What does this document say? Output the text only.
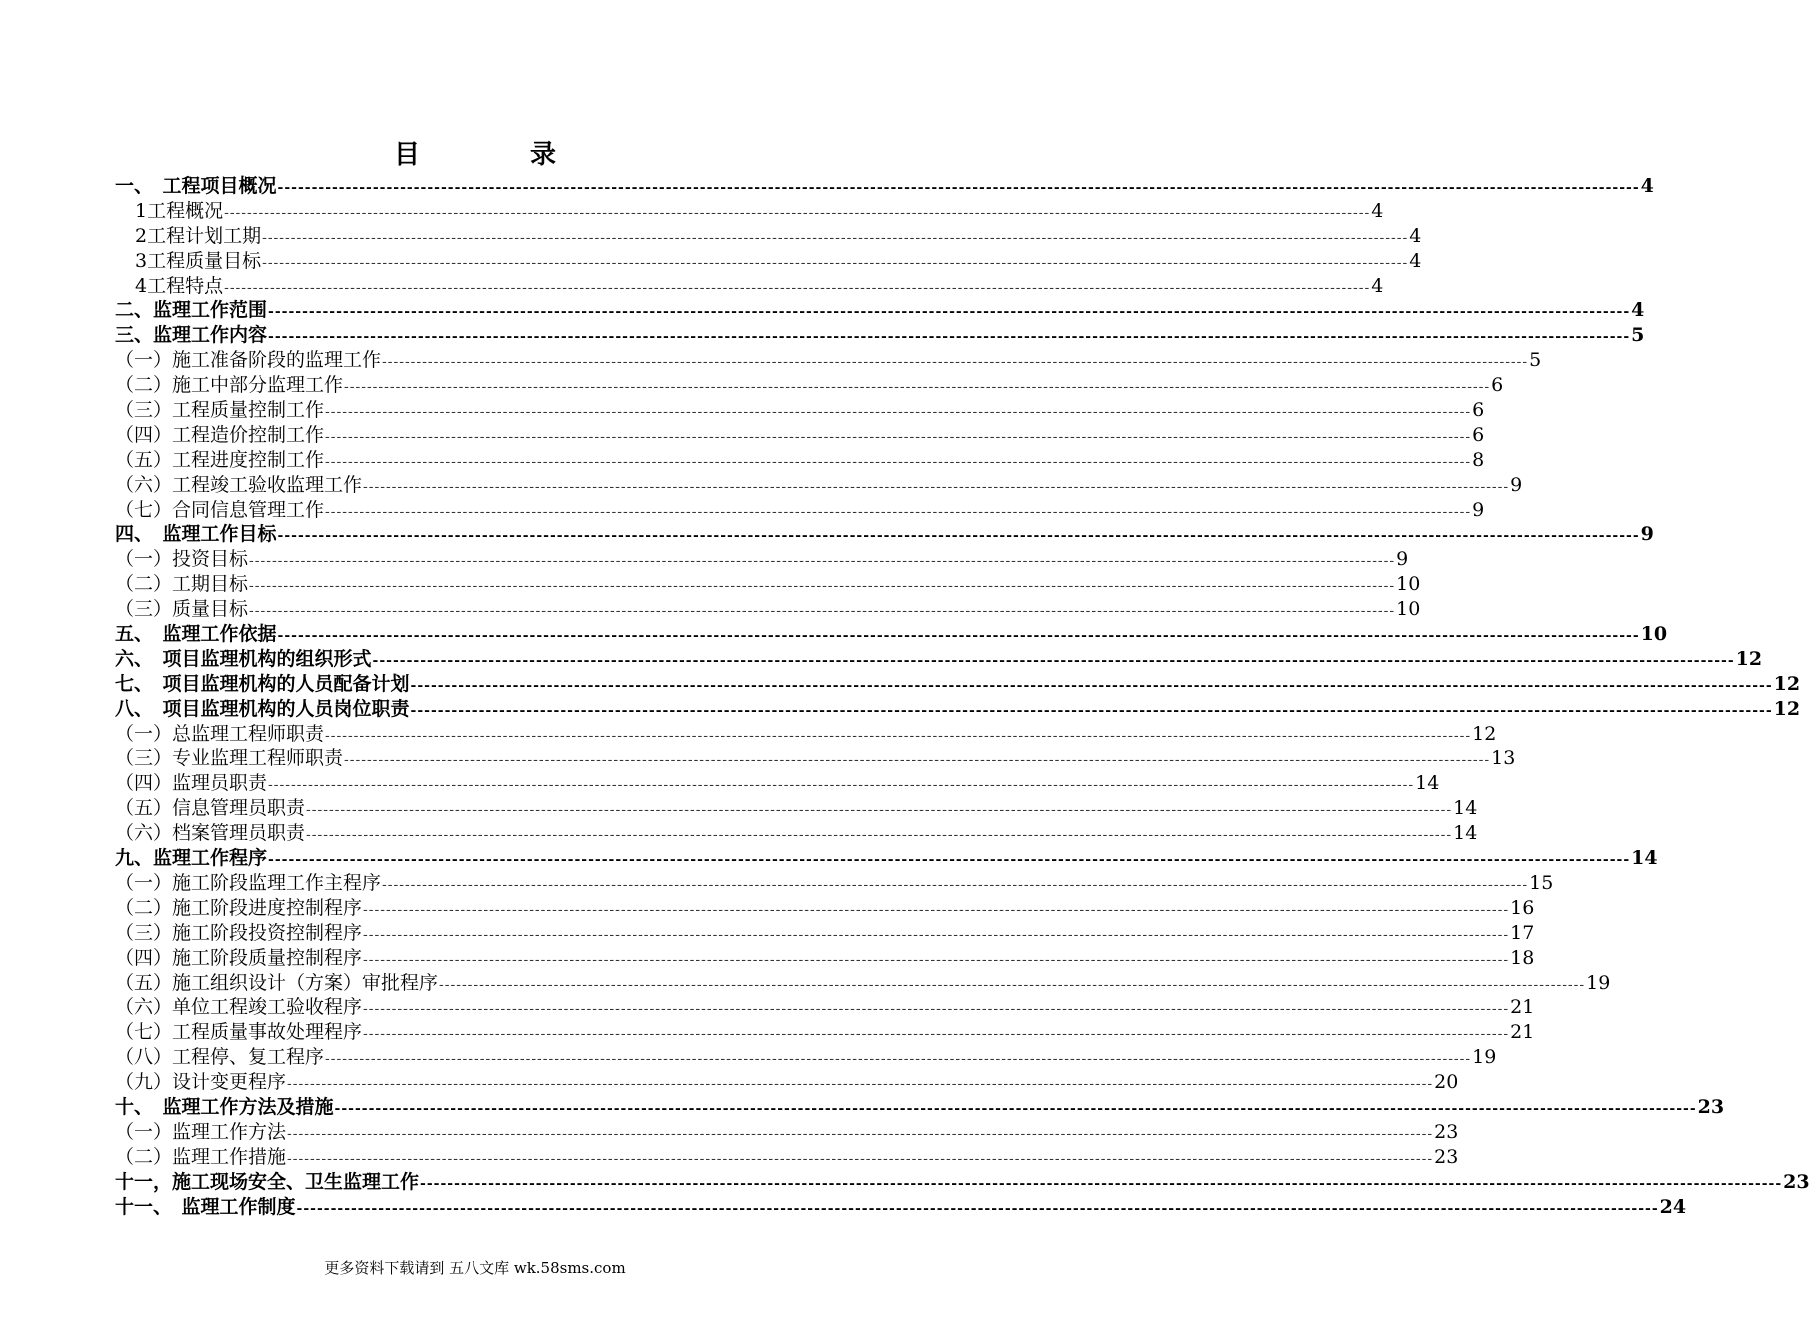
目	录
一、　工程项目概况 -------------------------------------------------------------------------------------------------------------------------------------------------------------------------------------------------------- 4
1工程概况 -------------------------------------------------------------------------------------------------------------------------------------------------------------------------------------------------------- 4
2工程计划工期 -------------------------------------------------------------------------------------------------------------------------------------------------------------------------------------------------------- 4
3工程质量目标 -------------------------------------------------------------------------------------------------------------------------------------------------------------------------------------------------------- 4
4工程特点 -------------------------------------------------------------------------------------------------------------------------------------------------------------------------------------------------------- 4
二、监理工作范围 -------------------------------------------------------------------------------------------------------------------------------------------------------------------------------------------------------- 4
三、监理工作内容 -------------------------------------------------------------------------------------------------------------------------------------------------------------------------------------------------------- 5
（一）施工准备阶段的监理工作 -------------------------------------------------------------------------------------------------------------------------------------------------------------------------------------------------------- 5
（二）施工中部分监理工作 -------------------------------------------------------------------------------------------------------------------------------------------------------------------------------------------------------- 6
（三）工程质量控制工作 -------------------------------------------------------------------------------------------------------------------------------------------------------------------------------------------------------- 6
（四）工程造价控制工作 -------------------------------------------------------------------------------------------------------------------------------------------------------------------------------------------------------- 6
（五）工程进度控制工作 -------------------------------------------------------------------------------------------------------------------------------------------------------------------------------------------------------- 8
（六）工程竣工验收监理工作 -------------------------------------------------------------------------------------------------------------------------------------------------------------------------------------------------------- 9
（七）合同信息管理工作 -------------------------------------------------------------------------------------------------------------------------------------------------------------------------------------------------------- 9
四、　监理工作目标 -------------------------------------------------------------------------------------------------------------------------------------------------------------------------------------------------------- 9
（一）投资目标 -------------------------------------------------------------------------------------------------------------------------------------------------------------------------------------------------------- 9
（二）工期目标 -------------------------------------------------------------------------------------------------------------------------------------------------------------------------------------------------------- 10
（三）质量目标 -------------------------------------------------------------------------------------------------------------------------------------------------------------------------------------------------------- 10
五、　监理工作依据 -------------------------------------------------------------------------------------------------------------------------------------------------------------------------------------------------------- 10
六、　项目监理机构的组织形式 -------------------------------------------------------------------------------------------------------------------------------------------------------------------------------------------------------- 12
七、　项目监理机构的人员配备计划 -------------------------------------------------------------------------------------------------------------------------------------------------------------------------------------------------------- 12
八、　项目监理机构的人员岗位职责 -------------------------------------------------------------------------------------------------------------------------------------------------------------------------------------------------------- 12
（一）总监理工程师职责 -------------------------------------------------------------------------------------------------------------------------------------------------------------------------------------------------------- 12
（三）专业监理工程师职责 -------------------------------------------------------------------------------------------------------------------------------------------------------------------------------------------------------- 13
（四）监理员职责 -------------------------------------------------------------------------------------------------------------------------------------------------------------------------------------------------------- 14
（五）信息管理员职责 -------------------------------------------------------------------------------------------------------------------------------------------------------------------------------------------------------- 14
（六）档案管理员职责 -------------------------------------------------------------------------------------------------------------------------------------------------------------------------------------------------------- 14
九、监理工作程序 -------------------------------------------------------------------------------------------------------------------------------------------------------------------------------------------------------- 14
（一）施工阶段监理工作主程序 -------------------------------------------------------------------------------------------------------------------------------------------------------------------------------------------------------- 15
（二）施工阶段进度控制程序 -------------------------------------------------------------------------------------------------------------------------------------------------------------------------------------------------------- 16
（三）施工阶段投资控制程序 -------------------------------------------------------------------------------------------------------------------------------------------------------------------------------------------------------- 17
（四）施工阶段质量控制程序 -------------------------------------------------------------------------------------------------------------------------------------------------------------------------------------------------------- 18
（五）施工组织设计（方案）审批程序 -------------------------------------------------------------------------------------------------------------------------------------------------------------------------------------------------------- 19
（六）单位工程竣工验收程序 -------------------------------------------------------------------------------------------------------------------------------------------------------------------------------------------------------- 21
（七）工程质量事故处理程序 -------------------------------------------------------------------------------------------------------------------------------------------------------------------------------------------------------- 21
（八）工程停、复工程序 -------------------------------------------------------------------------------------------------------------------------------------------------------------------------------------------------------- 19
（九）设计变更程序 -------------------------------------------------------------------------------------------------------------------------------------------------------------------------------------------------------- 20
十、　监理工作方法及措施 -------------------------------------------------------------------------------------------------------------------------------------------------------------------------------------------------------- 23
（一）监理工作方法 -------------------------------------------------------------------------------------------------------------------------------------------------------------------------------------------------------- 23
（二）监理工作措施 -------------------------------------------------------------------------------------------------------------------------------------------------------------------------------------------------------- 23
十一，施工现场安全、卫生监理工作 -------------------------------------------------------------------------------------------------------------------------------------------------------------------------------------------------------- 23
十一、　监理工作制度 -------------------------------------------------------------------------------------------------------------------------------------------------------------------------------------------------------- 24
更多资料下载请到 五八文库 wk.58sms.com
